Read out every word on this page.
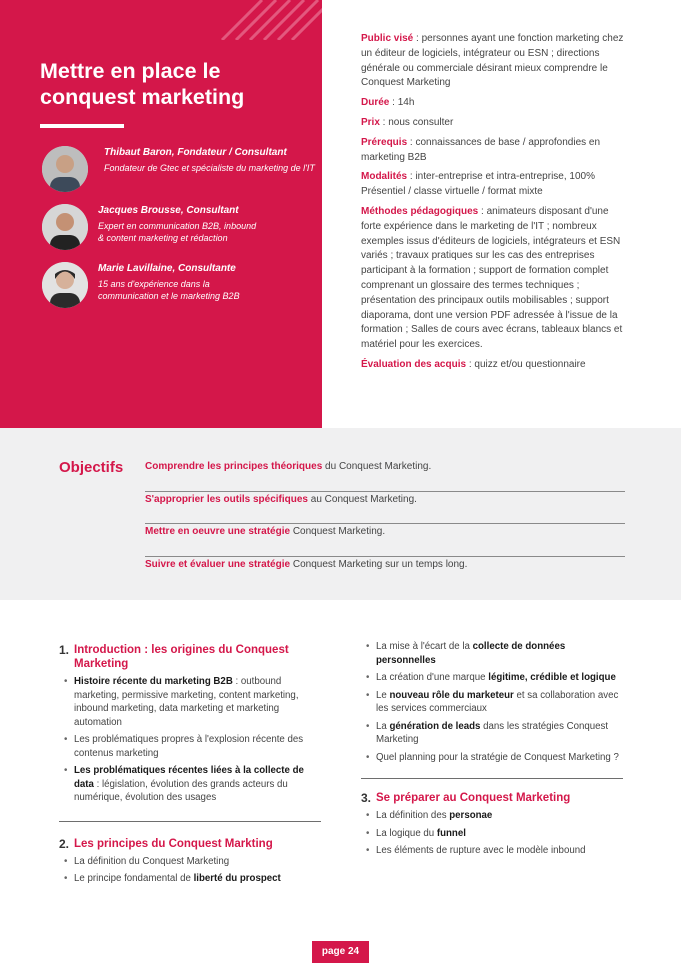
Mettre en place le
conquest marketing
Thibaut Baron, Fondateur / Consultant
Fondateur de Gtec et spécialiste du marketing de l'IT
Jacques Brousse, Consultant
Expert en communication B2B, inbound
& content marketing et rédaction
Marie Lavillaine, Consultante
15 ans d'expérience dans la
communication et le marketing B2B

Public visé : personnes ayant une fonction marketing chez un éditeur de logiciels, intégrateur ou ESN ; directions générale ou commerciale désirant mieux comprendre le Conquest Marketing

Durée : 14h

Prix : nous consulter

Prérequis : connaissances de base / approfondies en marketing B2B

Modalités : inter-entreprise et intra-entreprise, 100% Présentiel / classe virtuelle / format mixte

Méthodes pédagogiques : animateurs disposant d'une forte expérience dans le marketing de l'IT ; nombreux exemples issus d'éditeurs de logiciels, intégrateurs et ESN variés ; travaux pratiques sur les cas des entreprises participant à la formation ; support de formation complet comprenant un glossaire des termes techniques ; présentation des principaux outils mobilisables ; support diaporama, dont une version PDF adressée à l'issue de la formation ; Salles de cours avec écrans, tableaux blancs et matériel pour les exercices.

Évaluation des acquis : quizz et/ou questionnaire

Objectifs Comprendre les principes théoriques du Conquest Marketing.
S'approprier les outils spécifiques au Conquest Marketing.
Mettre en oeuvre une stratégie Conquest Marketing.
Suivre et évaluer une stratégie Conquest Marketing sur un temps long.
1. Introduction : les origines du Conquest Marketing
• Histoire récente du marketing B2B : outbound marketing, permissive marketing, content marketing, inbound marketing, data marketing et marketing automation
• Les problématiques propres à l'explosion récente des contenus marketing
• Les problématiques récentes liées à la collecte de data : législation, évolution des grands acteurs du numérique, évolution des usages
2. Les principes du Conquest Markting
• La définition du Conquest Marketing
• Le principe fondamental de liberté du prospect
• La mise à l'écart de la collecte de données personnelles
• La création d'une marque légitime, crédible et logique
• Le nouveau rôle du marketeur et sa collaboration avec les services commerciaux
• La génération de leads dans les stratégies Conquest Marketing
• Quel planning pour la stratégie de Conquest Marketing ?
3. Se préparer au Conquest Marketing
• La définition des personae
• La logique du funnel
• Les éléments de rupture avec le modèle inbound
page 24
